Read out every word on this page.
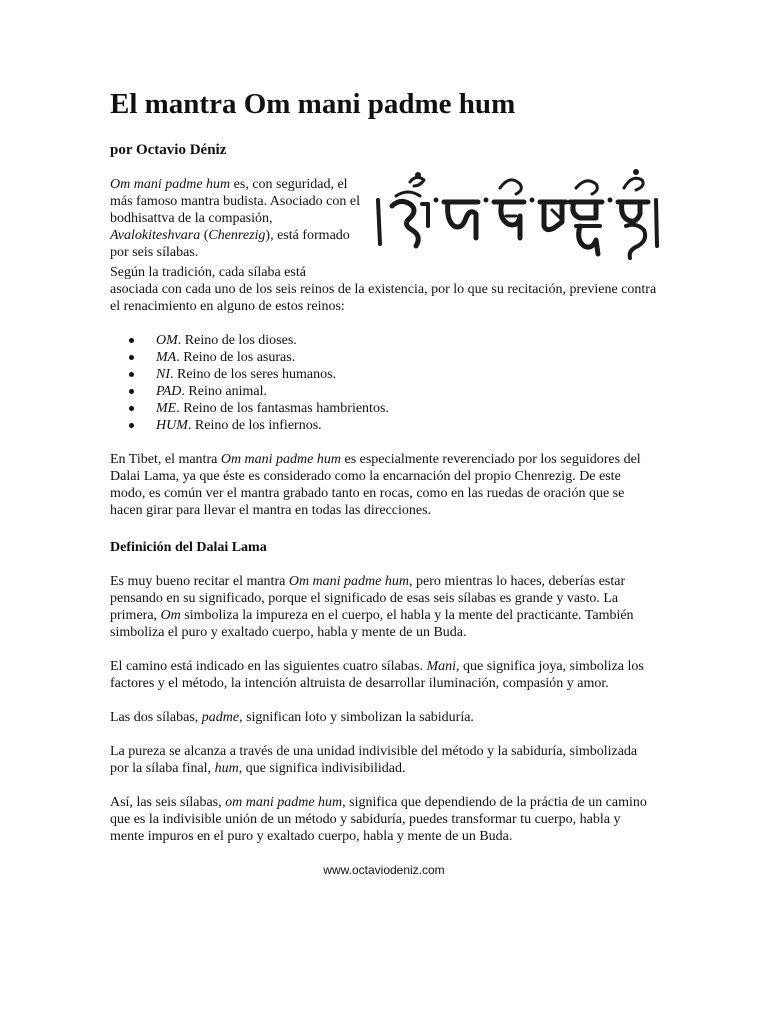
El mantra Om mani padme hum
por Octavio Déniz

Om mani padme hum es, con seguridad, el más famoso mantra budista. Asociado con el bodhisattva de la compasión, Avalokiteshvara (Chenrezig), está formado por seis sílabas.

Según la tradición, cada sílaba está
asociada con cada uno de los seis reinos de la existencia, por lo que su recitación, previene contra el renacimiento en alguno de estos reinos:

OM. Reino de los dioses.
MA. Reino de los asuras.
NI. Reino de los seres humanos.
PAD. Reino animal.
ME. Reino de los fantasmas hambrientos.
HUM. Reino de los infiernos.

En Tibet, el mantra Om mani padme hum es especialmente reverenciado por los seguidores del Dalai Lama, ya que éste es considerado como la encarnación del propio Chenrezig. De este modo, es común ver el mantra grabado tanto en rocas, como en las ruedas de oración que se hacen girar para llevar el mantra en todas las direcciones.

Definición del Dalai Lama

Es muy bueno recitar el mantra Om mani padme hum, pero mientras lo haces, deberías estar pensando en su significado, porque el significado de esas seis sílabas es grande y vasto. La primera, Om simboliza la impureza en el cuerpo, el habla y la mente del practicante. También simboliza el puro y exaltado cuerpo, habla y mente de un Buda.

El camino está indicado en las siguientes cuatro sílabas. Mani, que significa joya, simboliza los factores y el método, la intención altruista de desarrollar iluminación, compasión y amor.

Las dos sílabas, padme, significan loto y simbolizan la sabiduría.

La pureza se alcanza a través de una unidad indivisible del método y la sabiduría, simbolizada por la sílaba final, hum, que significa indivisibilidad.

Así, las seis sílabas, om mani padme hum, significa que dependiendo de la práctia de un camino que es la indivisible unión de un método y sabiduría, puedes transformar tu cuerpo, habla y mente impuros en el puro y exaltado cuerpo, habla y mente de un Buda.

www.octaviodeniz.com
